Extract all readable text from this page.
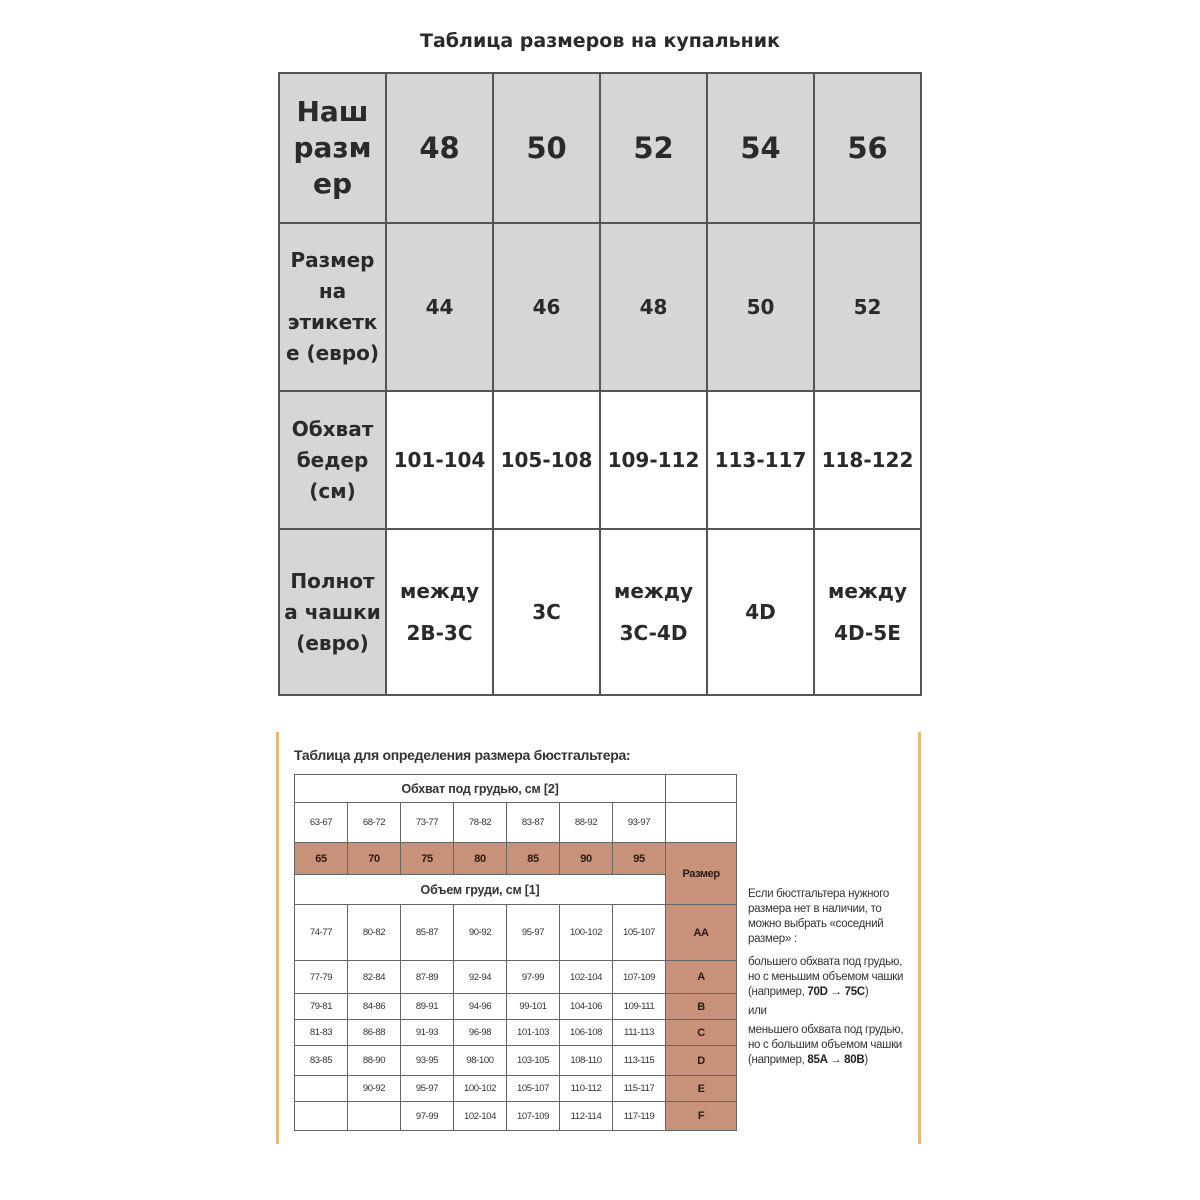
Таблица размеров на купальник
Наш разм ер	48	50	52	54	56
Размер на этикетк е (евро)	44	46	48	50	52
Обхват бедер (см)	101-104	105-108	109-112	113-117	118-122
Полнот а чашки (евро)	между 2B-3C	3C	между 3C-4D	4D	между 4D-5E
Таблица для определения размера бюстгальтера:
Обхват под грудью, см [2]							
63-67	68-72	73-77	78-82	83-87	88-92	93-97	
65	70	75	80	85	90	95	Размер
Объем груди, см [1]							
74-77	80-82	85-87	90-92	95-97	100-102	105-107	AA
77-79	82-84	87-89	92-94	97-99	102-104	107-109	A
79-81	84-86	89-91	94-96	99-101	104-106	109-111	B
81-83	86-88	91-93	96-98	101-103	106-108	111-113	C
83-85	88-90	93-95	98-100	103-105	108-110	113-115	D
	90-92	95-97	100-102	105-107	110-112	115-117	E
		97-99	102-104	107-109	112-114	117-119	F

Если бюстгальтера нужного размера нет в наличии, то можно выбрать «соседний размер» :

большего обхвата под грудью, но с меньшим объемом чашки (например, 70D → 75C)

или

меньшего обхвата под грудью, но с большим объемом чашки (например, 85A → 80B)
